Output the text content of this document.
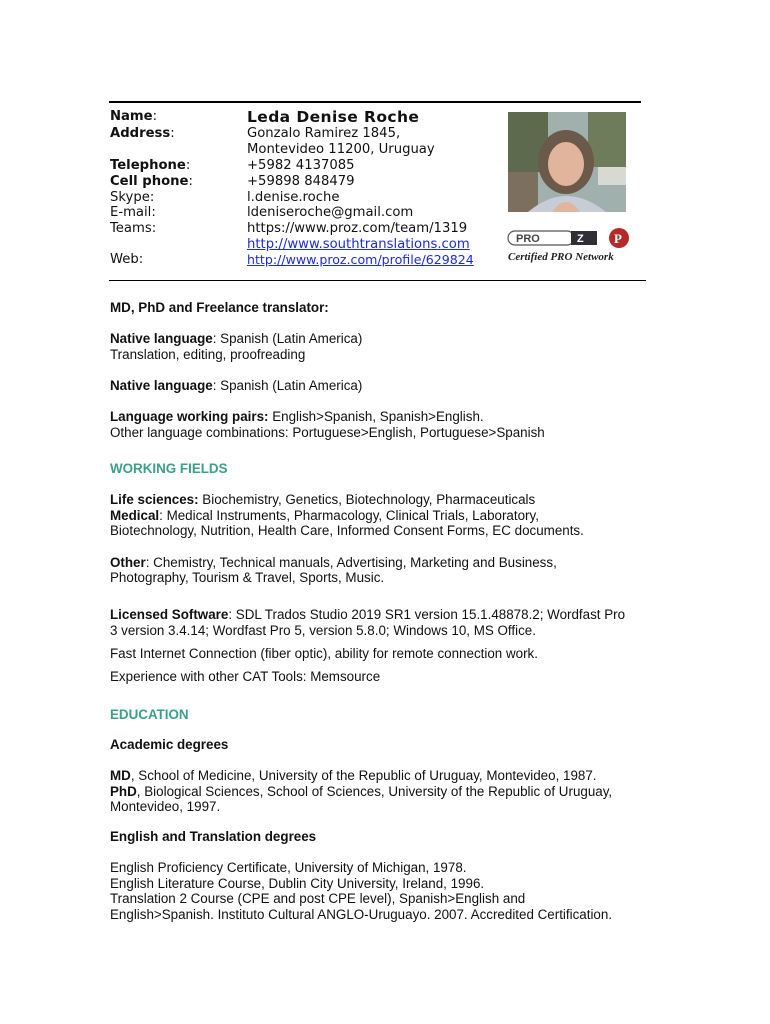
Name:
Address:
Telephone:
Cell phone:
Skype:
E-mail:
Teams:
Web:
Leda Denise Roche
Gonzalo Ramirez 1845,
Montevideo 11200, Uruguay
+5982 4137085
+59898 848479
l.denise.roche
ldeniseroche@gmail.com
https://www.proz.com/team/1319
http://www.southtranslations.com
http://www.proz.com/profile/629824
PRO	Z P
Certified PRO Network
MD, PhD and Freelance translator:
Native language: Spanish (Latin America)
Translation, editing, proofreading
Native language: Spanish (Latin America)
Language working pairs: English>Spanish, Spanish>English.
Other language combinations: Portuguese>English, Portuguese>Spanish
WORKING FIELDS
Life sciences: Biochemistry, Genetics, Biotechnology, Pharmaceuticals
Medical: Medical Instruments, Pharmacology, Clinical Trials, Laboratory,
Biotechnology, Nutrition, Health Care, Informed Consent Forms, EC documents.
Other: Chemistry, Technical manuals, Advertising, Marketing and Business,
Photography, Tourism & Travel, Sports, Music.
Licensed Software: SDL Trados Studio 2019 SR1 version 15.1.48878.2; Wordfast Pro
3 version 3.4.14; Wordfast Pro 5, version 5.8.0; Windows 10, MS Office.
Fast Internet Connection (fiber optic), ability for remote connection work.
Experience with other CAT Tools: Memsource
EDUCATION
Academic degrees
MD, School of Medicine, University of the Republic of Uruguay, Montevideo, 1987.
PhD, Biological Sciences, School of Sciences, University of the Republic of Uruguay,
Montevideo, 1997.
English and Translation degrees
English Proficiency Certificate, University of Michigan, 1978.
English Literature Course, Dublin City University, Ireland, 1996.
Translation 2 Course (CPE and post CPE level), Spanish>English and
English>Spanish. Instituto Cultural ANGLO-Uruguayo. 2007. Accredited Certification.
